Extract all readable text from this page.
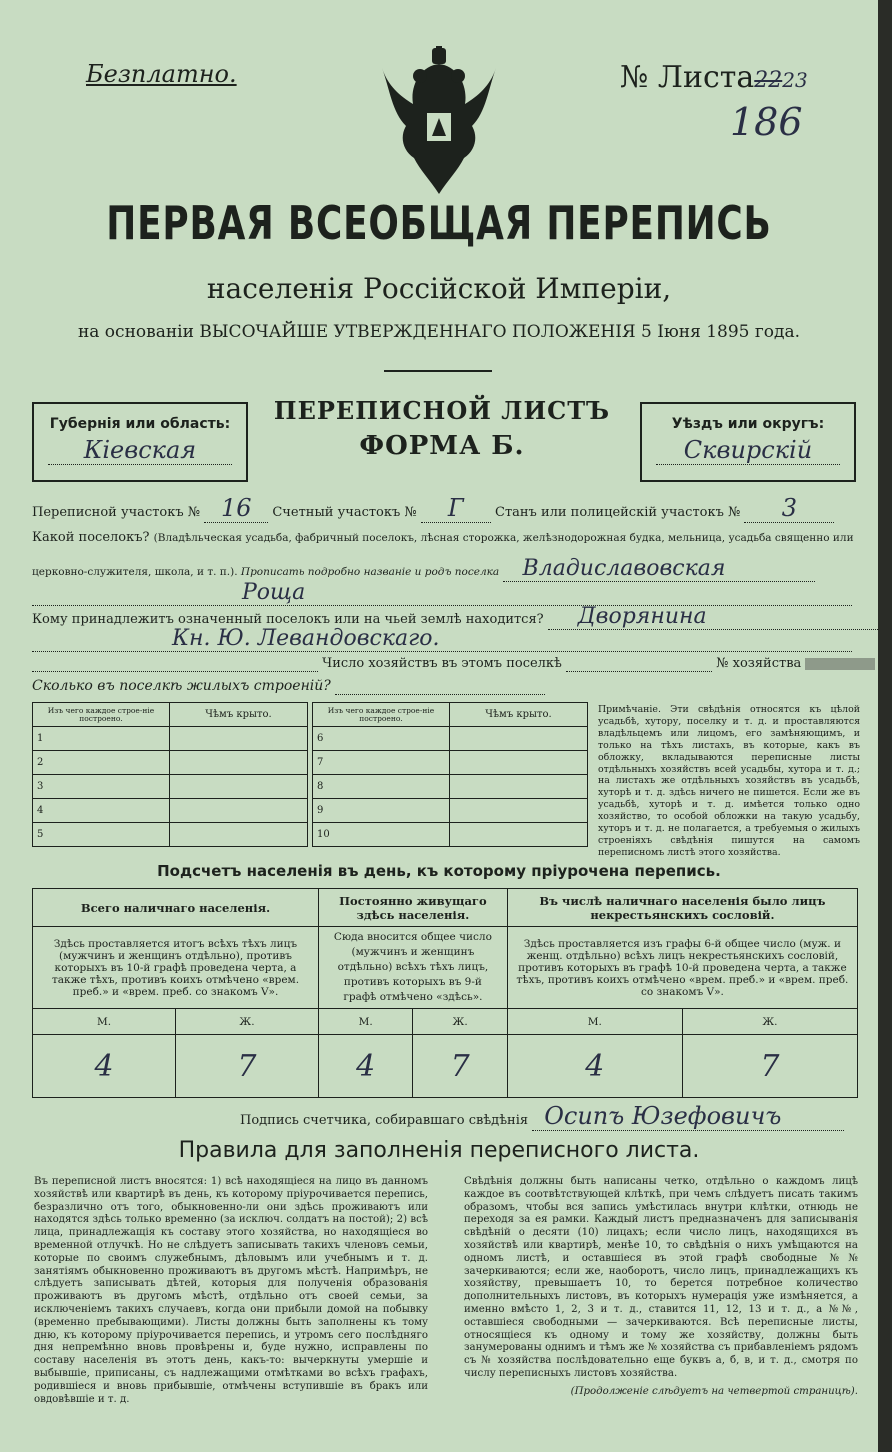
Безплатно.	№ Листа2223
186
ПЕРВАЯ ВСЕОБЩАЯ ПЕРЕПИСЬ
населенія Россійской Имперіи,
на основаніи ВЫСОЧАЙШЕ УТВЕРЖДЕННАГО ПОЛОЖЕНІЯ 5 Іюня 1895 года.
Губернія или область:
Кіевская
ПЕРЕПИСНОЙ ЛИСТЪ
ФОРМА Б.
Уѣздъ или округъ:
Сквирскій
Переписной участокъ № 16 Счетный участокъ № Г Станъ или полицейскій участокъ № 3
Какой поселокъ? (Владѣльческая усадьба, фабричный поселокъ, лѣсная сторожка, желѣзнодорожная будка, мельница, усадьба священно или
церковно-служителя, школа, и т. п.). Прописать подробно названіе и родъ поселка Владиславовская
Роща
Кому принадлежитъ означенный поселокъ или на чьей землѣ находится? Дворянина
Кн. Ю. Левандовскаго.
Число хозяйствъ въ этомъ поселкѣ	№ хозяйства
Сколько въ поселкѣ жилыхъ строеній?
Изъ чего каждое строе-ніе построено.	Чѣмъ крыто.
1	
2	
3	
4	
5	
Изъ чего каждое строе-ніе построено.	Чѣмъ крыто.
6	
7	
8	
9	
10	
Примѣчаніе. Эти свѣдѣнія относятся къ цѣлой усадьбѣ, хутору, поселку и т. д. и проставляются владѣльцемъ или лицомъ, его замѣняющимъ, и только на тѣхъ листахъ, въ которые, какъ въ обложку, вкладываются переписные листы отдѣльныхъ хозяйствъ всей усадьбы, хутора и т. д.; на листахъ же отдѣльныхъ хозяйствъ въ усадьбѣ, хуторѣ и т. д. здѣсь ничего не пишется. Если же въ усадьбѣ, хуторѣ и т. д. имѣется только одно хозяйство, то особой обложки на такую усадьбу, хуторъ и т. д. не полагается, а требуемыя о жилыхъ строеніяхъ свѣдѣнія пишутся на самомъ переписномъ листѣ этого хозяйства.
Подсчетъ населенія въ день, къ которому пріурочена перепись.
Всего наличнаго населенія.		Постоянно живущаго здѣсь населенія.		Въ числѣ наличнаго населенія было лицъ некрестьянскихъ сословій.	
Здѣсь проставляется итогъ всѣхъ тѣхъ лицъ (мужчинъ и женщинъ отдѣльно), противъ которыхъ въ 10-й графѣ проведена черта, а также тѣхъ, противъ коихъ отмѣчено «врем. преб.» и «врем. преб. со знакомъ V».		Сюда вносится общее число (мужчинъ и женщинъ отдѣльно) всѣхъ тѣхъ лицъ, противъ которыхъ въ 9-й графѣ отмѣчено «здѣсь».		Здѣсь проставляется изъ графы 6-й общее число (муж. и женщ. отдѣльно) всѣхъ лицъ некрестьянскихъ сословій, противъ которыхъ въ графѣ 10-й проведена черта, а также тѣхъ, противъ коихъ отмѣчено «врем. преб.» и «врем. преб. со знакомъ V».	
М.	Ж.	М.	Ж.	М.	Ж.
4	7	4	7	4	7
Подпись счетчика, собиравшаго свѣдѣнія Осипъ Юзефовичъ
Правила для заполненія переписного листа.
Въ переписной листъ вносятся: 1) всѣ находящіеся на лицо въ данномъ хозяйствѣ или квартирѣ въ день, къ которому пріурочивается перепись, безразлично отъ того, обыкновенно-ли они здѣсь проживаютъ или находятся здѣсь только временно (за исключ. солдатъ на постой); 2) всѣ лица, принадлежащія къ составу этого хозяйства, но находящіеся во временной отлучкѣ. Но не слѣдуетъ записывать такихъ членовъ семьи, которые по своимъ служебнымъ, дѣловымъ или учебнымъ и т. д. занятіямъ обыкновенно проживаютъ въ другомъ мѣстѣ. Напримѣръ, не слѣдуетъ записывать дѣтей, которыя для полученія образованія проживаютъ въ другомъ мѣстѣ, отдѣльно отъ своей семьи, за исключеніемъ такихъ случаевъ, когда они прибыли домой на побывку (временно пребывающими). Листы должны быть заполнены къ тому дню, къ которому пріурочивается перепись, и утромъ сего послѣдняго дня непремѣнно вновь провѣрены и, буде нужно, исправлены по составу населенія въ этотъ день, какъ-то: вычеркнуты умершіе и выбывшіе, приписаны, съ надлежащими отмѣтками во всѣхъ графахъ, родившіеся и вновь прибывшіе, отмѣчены вступившіе въ бракъ или овдовѣвшіе и т. д.
Свѣдѣнія должны быть написаны четко, отдѣльно о каждомъ лицѣ каждое въ соотвѣтствующей клѣткѣ, при чемъ слѣдуетъ писать такимъ образомъ, чтобы вся запись умѣстилась внутри клѣтки, отнюдь не переходя за ея рамки. Каждый листъ предназначенъ для записыванія свѣдѣній о десяти (10) лицахъ; если число лицъ, находящихся въ хозяйствѣ или квартирѣ, менѣе 10, то свѣдѣнія о нихъ умѣщаются на одномъ листѣ, и оставшіеся въ этой графѣ свободные №№ зачеркиваются; если же, наоборотъ, число лицъ, принадлежащихъ къ хозяйству, превышаетъ 10, то берется потребное количество дополнительныхъ листовъ, въ которыхъ нумерація уже измѣняется, а именно вмѣсто 1, 2, 3 и т. д., ставится 11, 12, 13 и т. д., а №№, оставшіеся свободными — зачеркиваются. Всѣ переписные листы, относящіеся къ одному и тому же хозяйству, должны быть занумерованы однимъ и тѣмъ же № хозяйства съ прибавленіемъ рядомъ съ № хозяйства послѣдовательно еще буквъ а, б, в, и т. д., смотря по числу переписныхъ листовъ хозяйства.
(Продолженіе слѣдуетъ на четвертой страницѣ).
